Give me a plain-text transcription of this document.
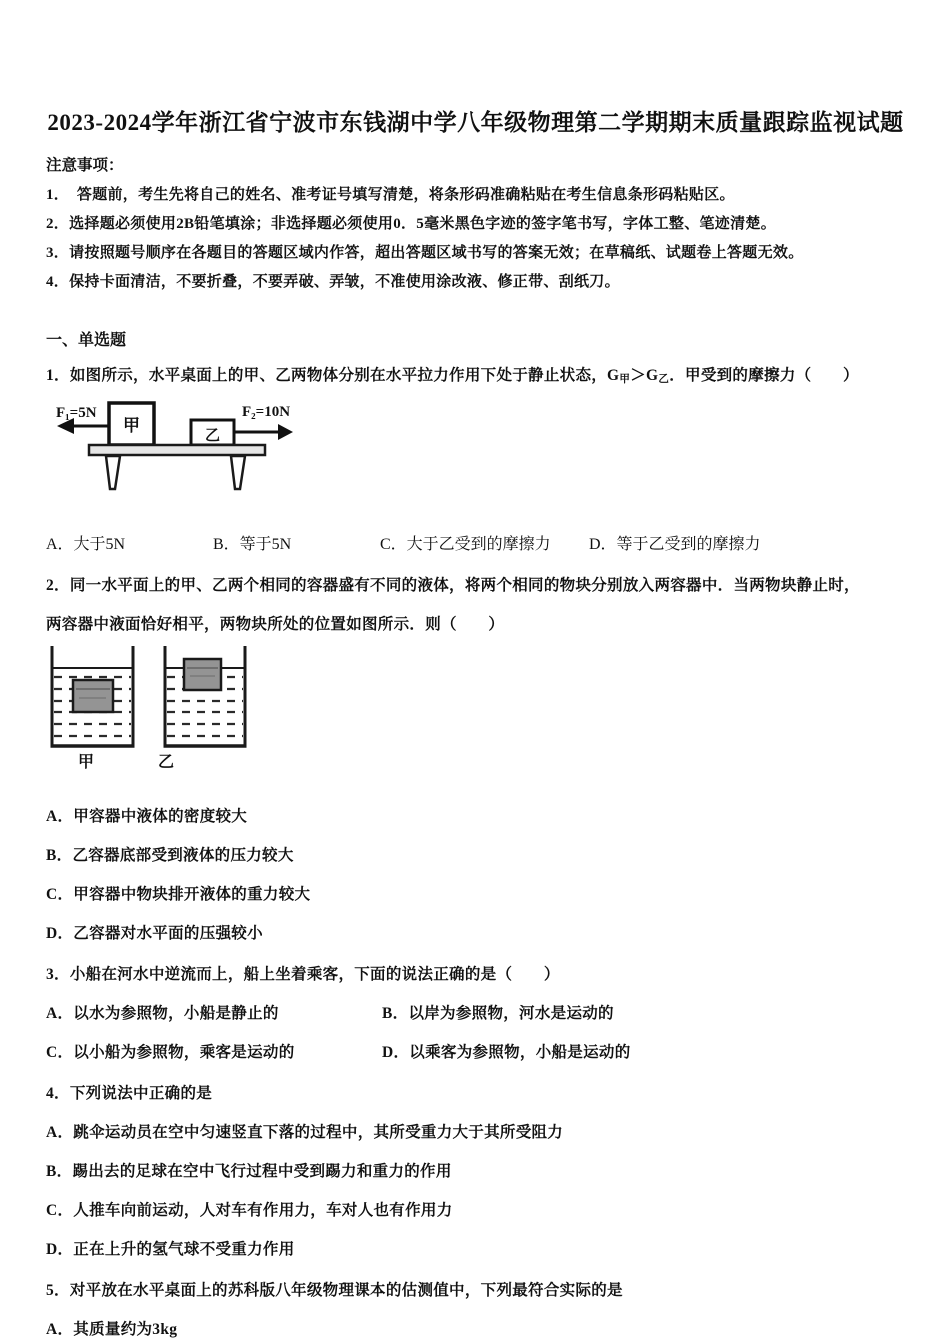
2023-2024学年浙江省宁波市东钱湖中学八年级物理第二学期期末质量跟踪监视试题
注意事项：
1．　答题前，考生先将自己的姓名、准考证号填写清楚，将条形码准确粘贴在考生信息条形码粘贴区。
2．选择题必须使用2B铅笔填涂；非选择题必须使用0．5毫米黑色字迹的签字笔书写，字体工整、笔迹清楚。
3．请按照题号顺序在各题目的答题区域内作答，超出答题区域书写的答案无效；在草稿纸、试题卷上答题无效。
4．保持卡面清洁，不要折叠，不要弄破、弄皱，不准使用涂改液、修正带、刮纸刀。
一、单选题
1．如图所示，水平桌面上的甲、乙两物体分别在水平拉力作用下处于静止状态，G甲＞G乙．甲受到的摩擦力（　　）
F₁=5N
甲
乙
F₂=10N
A．大于5N	B．等于5N	C．大于乙受到的摩擦力	D．等于乙受到的摩擦力
2．同一水平面上的甲、乙两个相同的容器盛有不同的液体，将两个相同的物块分别放入两容器中．当两物块静止时，
两容器中液面恰好相平，两物块所处的位置如图所示．则（　　）
甲	乙
A．甲容器中液体的密度较大
B．乙容器底部受到液体的压力较大
C．甲容器中物块排开液体的重力较大
D．乙容器对水平面的压强较小
3．小船在河水中逆流而上，船上坐着乘客，下面的说法正确的是（　　）
A．以水为参照物，小船是静止的	B．以岸为参照物，河水是运动的
C．以小船为参照物，乘客是运动的	D．以乘客为参照物，小船是运动的
4．下列说法中正确的是
A．跳伞运动员在空中匀速竖直下落的过程中，其所受重力大于其所受阻力
B．踢出去的足球在空中飞行过程中受到踢力和重力的作用
C．人推车向前运动，人对车有作用力，车对人也有作用力
D．正在上升的氢气球不受重力作用
5．对平放在水平桌面上的苏科版八年级物理课本的估测值中，下列最符合实际的是
A．其质量约为3kg
